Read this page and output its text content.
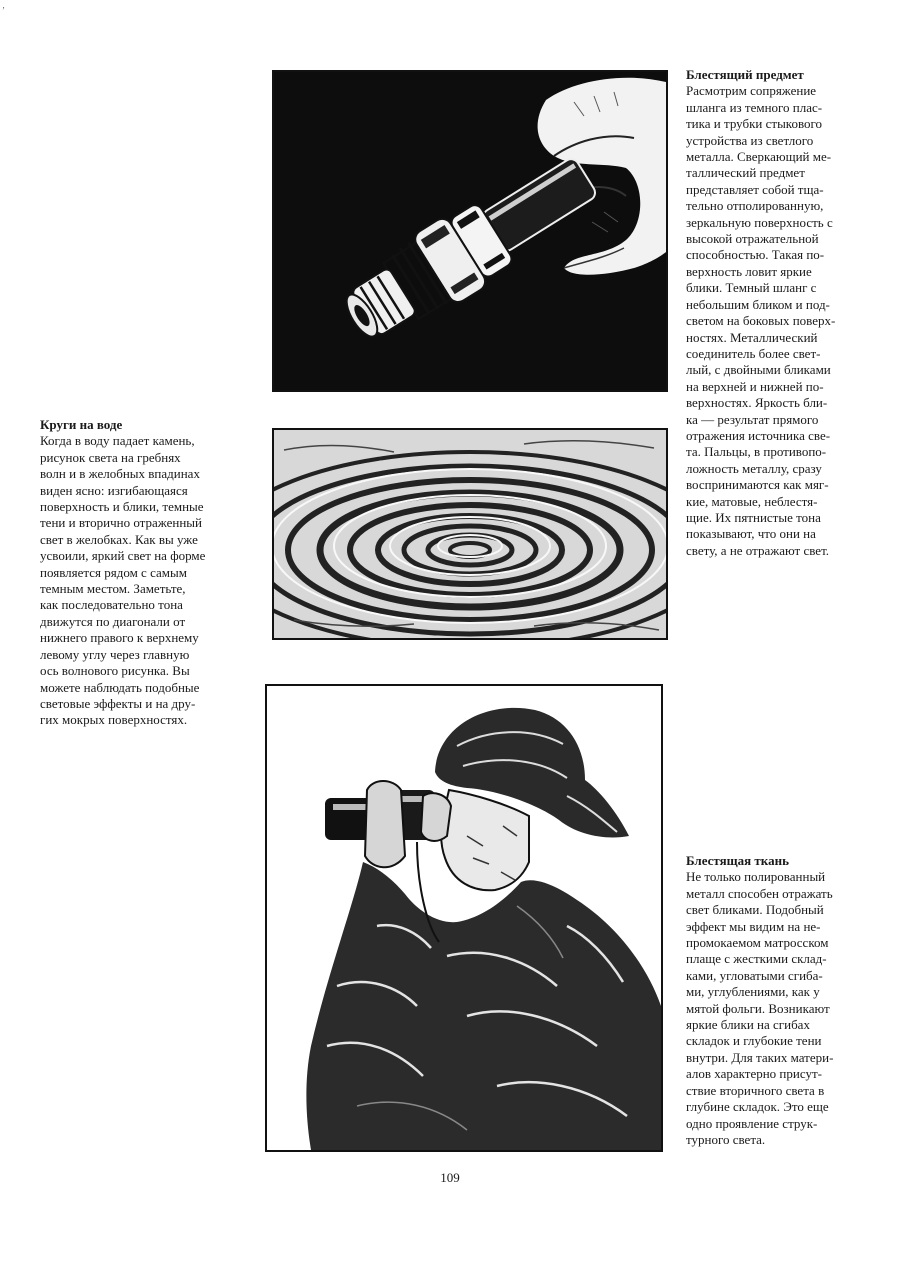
‚
Блестящий предмет

Расмотрим сопряжение
шланга из темного плас-
тика и трубки стыкового
устройства из светлого
металла. Сверкающий ме-
таллический предмет
представляет собой тща-
тельно отполированную,
зеркальную поверхность с
высокой отражательной
способностью. Такая по-
верхность ловит яркие
блики. Темный шланг с
небольшим бликом и под-
светом на боковых поверх-
ностях. Металлический
соединитель более свет-
лый, с двойными бликами
на верхней и нижней по-
верхностях. Яркость бли-
ка — результат прямого
отражения источника све-
та. Пальцы, в противопо-
ложность металлу, сразу
воспринимаются как мяг-
кие, матовые, неблестя-
щие. Их пятнистые тона
показывают, что они на
свету, а не отражают свет.

Круги на воде

Когда в воду падает камень,
рисунок света на гребнях
волн и в желобных впадинах
виден ясно: изгибающаяся
поверхность и блики, темные
тени и вторично отраженный
свет в желобках. Как вы уже
усвоили, яркий свет на форме
появляется рядом с самым
темным местом. Заметьте,
как последовательно тона
движутся по диагонали от
нижнего правого к верхнему
левому углу через главную
ось волнового рисунка. Вы
можете наблюдать подобные
световые эффекты и на дру-
гих мокрых поверхностях.

Блестящая ткань

Не только полированный
металл способен отражать
свет бликами. Подобный
эффект мы видим на не-
промокаемом матросском
плаще с жесткими склад-
ками, угловатыми сгиба-
ми, углублениями, как у
мятой фольги. Возникают
яркие блики на сгибах
складок и глубокие тени
внутри. Для таких матери-
алов характерно присут-
ствие вторичного света в
глубине складок. Это еще
одно проявление струк-
турного света.

109
